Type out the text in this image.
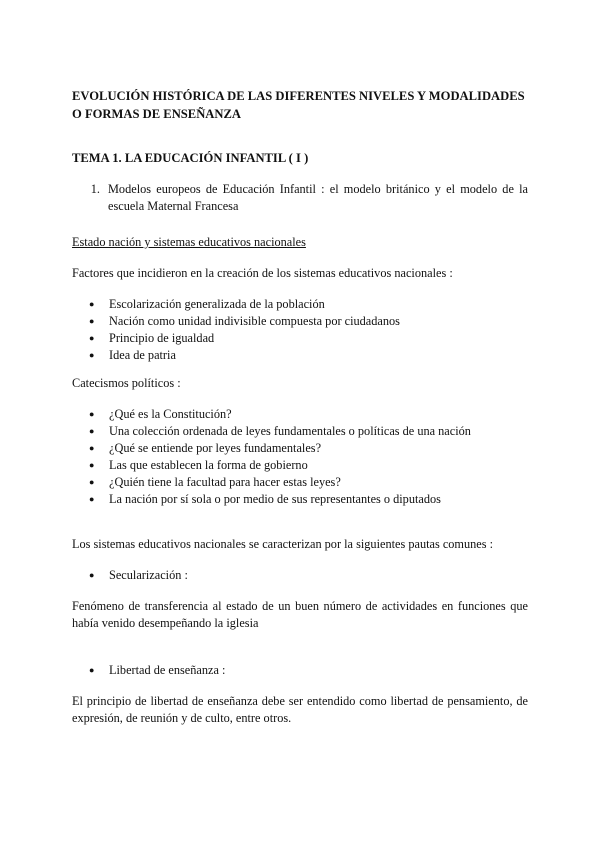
EVOLUCIÓN HISTÓRICA DE LAS DIFERENTES NIVELES Y MODALIDADES O FORMAS DE ENSEÑANZA
TEMA 1. LA EDUCACIÓN INFANTIL ( I )
1. Modelos europeos de Educación Infantil : el modelo británico y el modelo de la escuela Maternal Francesa
Estado nación y sistemas educativos nacionales
Factores que incidieron en la creación de los sistemas educativos nacionales :
● Escolarización generalizada de la población
● Nación como unidad indivisible compuesta por ciudadanos
● Principio de igualdad
● Idea de patria
Catecismos políticos :
● ¿Qué es la Constitución?
● Una colección ordenada de leyes fundamentales o políticas de una nación
● ¿Qué se entiende por leyes fundamentales?
● Las que establecen la forma de gobierno
● ¿Quién tiene la facultad para hacer estas leyes?
● La nación por sí sola o por medio de sus representantes o diputados
Los sistemas educativos nacionales se caracterizan por la siguientes pautas comunes :
● Secularización :
Fenómeno de transferencia al estado de un buen número de actividades en funciones que había venido desempeñando la iglesia
● Libertad de enseñanza :
El principio de libertad de enseñanza debe ser entendido como libertad de pensamiento, de expresión, de reunión y de culto, entre otros.
